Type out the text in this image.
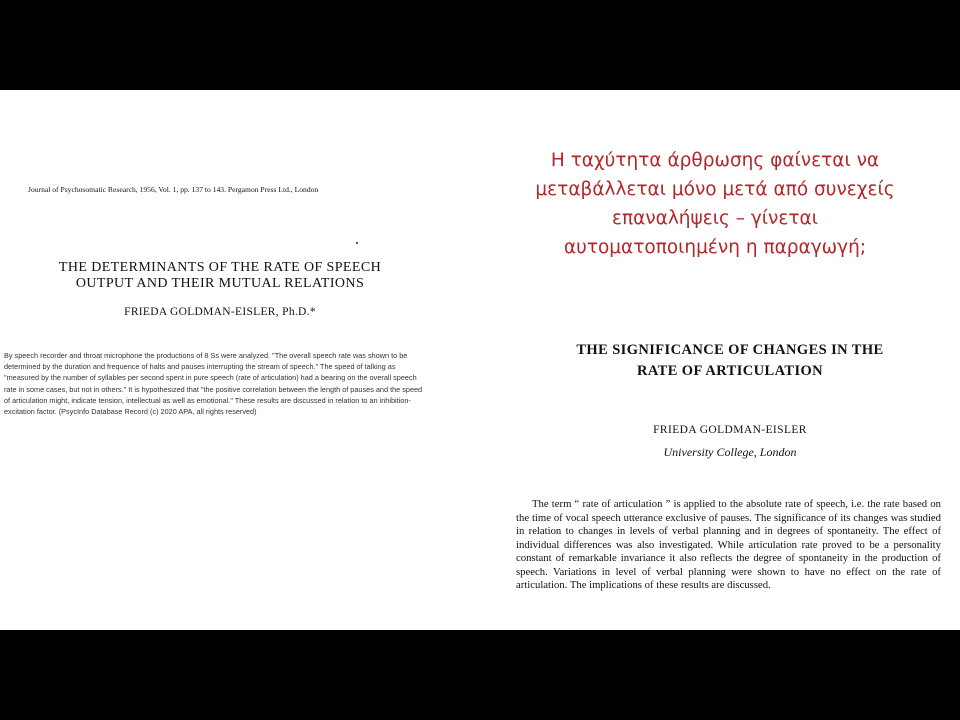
Journal of Psychosomatic Research, 1956, Vol. 1, pp. 137 to 143. Pergamon Press Ltd., London
THE DETERMINANTS OF THE RATE OF SPEECH
OUTPUT AND THEIR MUTUAL RELATIONS
FRIEDA GOLDMAN-EISLER, Ph.D.*
By speech recorder and throat microphone the productions of 8 Ss were analyzed. "The overall speech rate was shown to be
determined by the duration and frequence of halts and pauses interrupting the stream of speech." The speed of talking as
"measured by the number of syllables per second spent in pure speech (rate of articulation) had a bearing on the overall speech
rate in some cases, but not in others." It is hypothesized that "the positive correlation between the length of pauses and the speed
of articulation might, indicate tension, intellectual as well as emotional." These results are discussed in relation to an inhibition-
excitation factor. (PsycInfo Database Record (c) 2020 APA, all rights reserved)
Η ταχύτητα άρθρωσης φαίνεται να
μεταβάλλεται μόνο μετά από συνεχείς
επαναλήψεις – γίνεται
αυτοματοποιημένη η παραγωγή;
THE SIGNIFICANCE OF CHANGES IN THE
RATE OF ARTICULATION
FRIEDA GOLDMAN-EISLER
University College, London

The term “ rate of articulation ” is applied to the absolute rate of speech, i.e. the rate based on the time of vocal speech utterance exclusive of pauses. The significance of its changes was studied in relation to changes in levels of verbal planning and in degrees of spontaneity. The effect of individual differences was also investigated. While articulation rate proved to be a personality constant of remarkable invariance it also reflects the degree of spontaneity in the production of speech. Variations in level of verbal planning were shown to have no effect on the rate of articulation. The implications of these results are discussed.
